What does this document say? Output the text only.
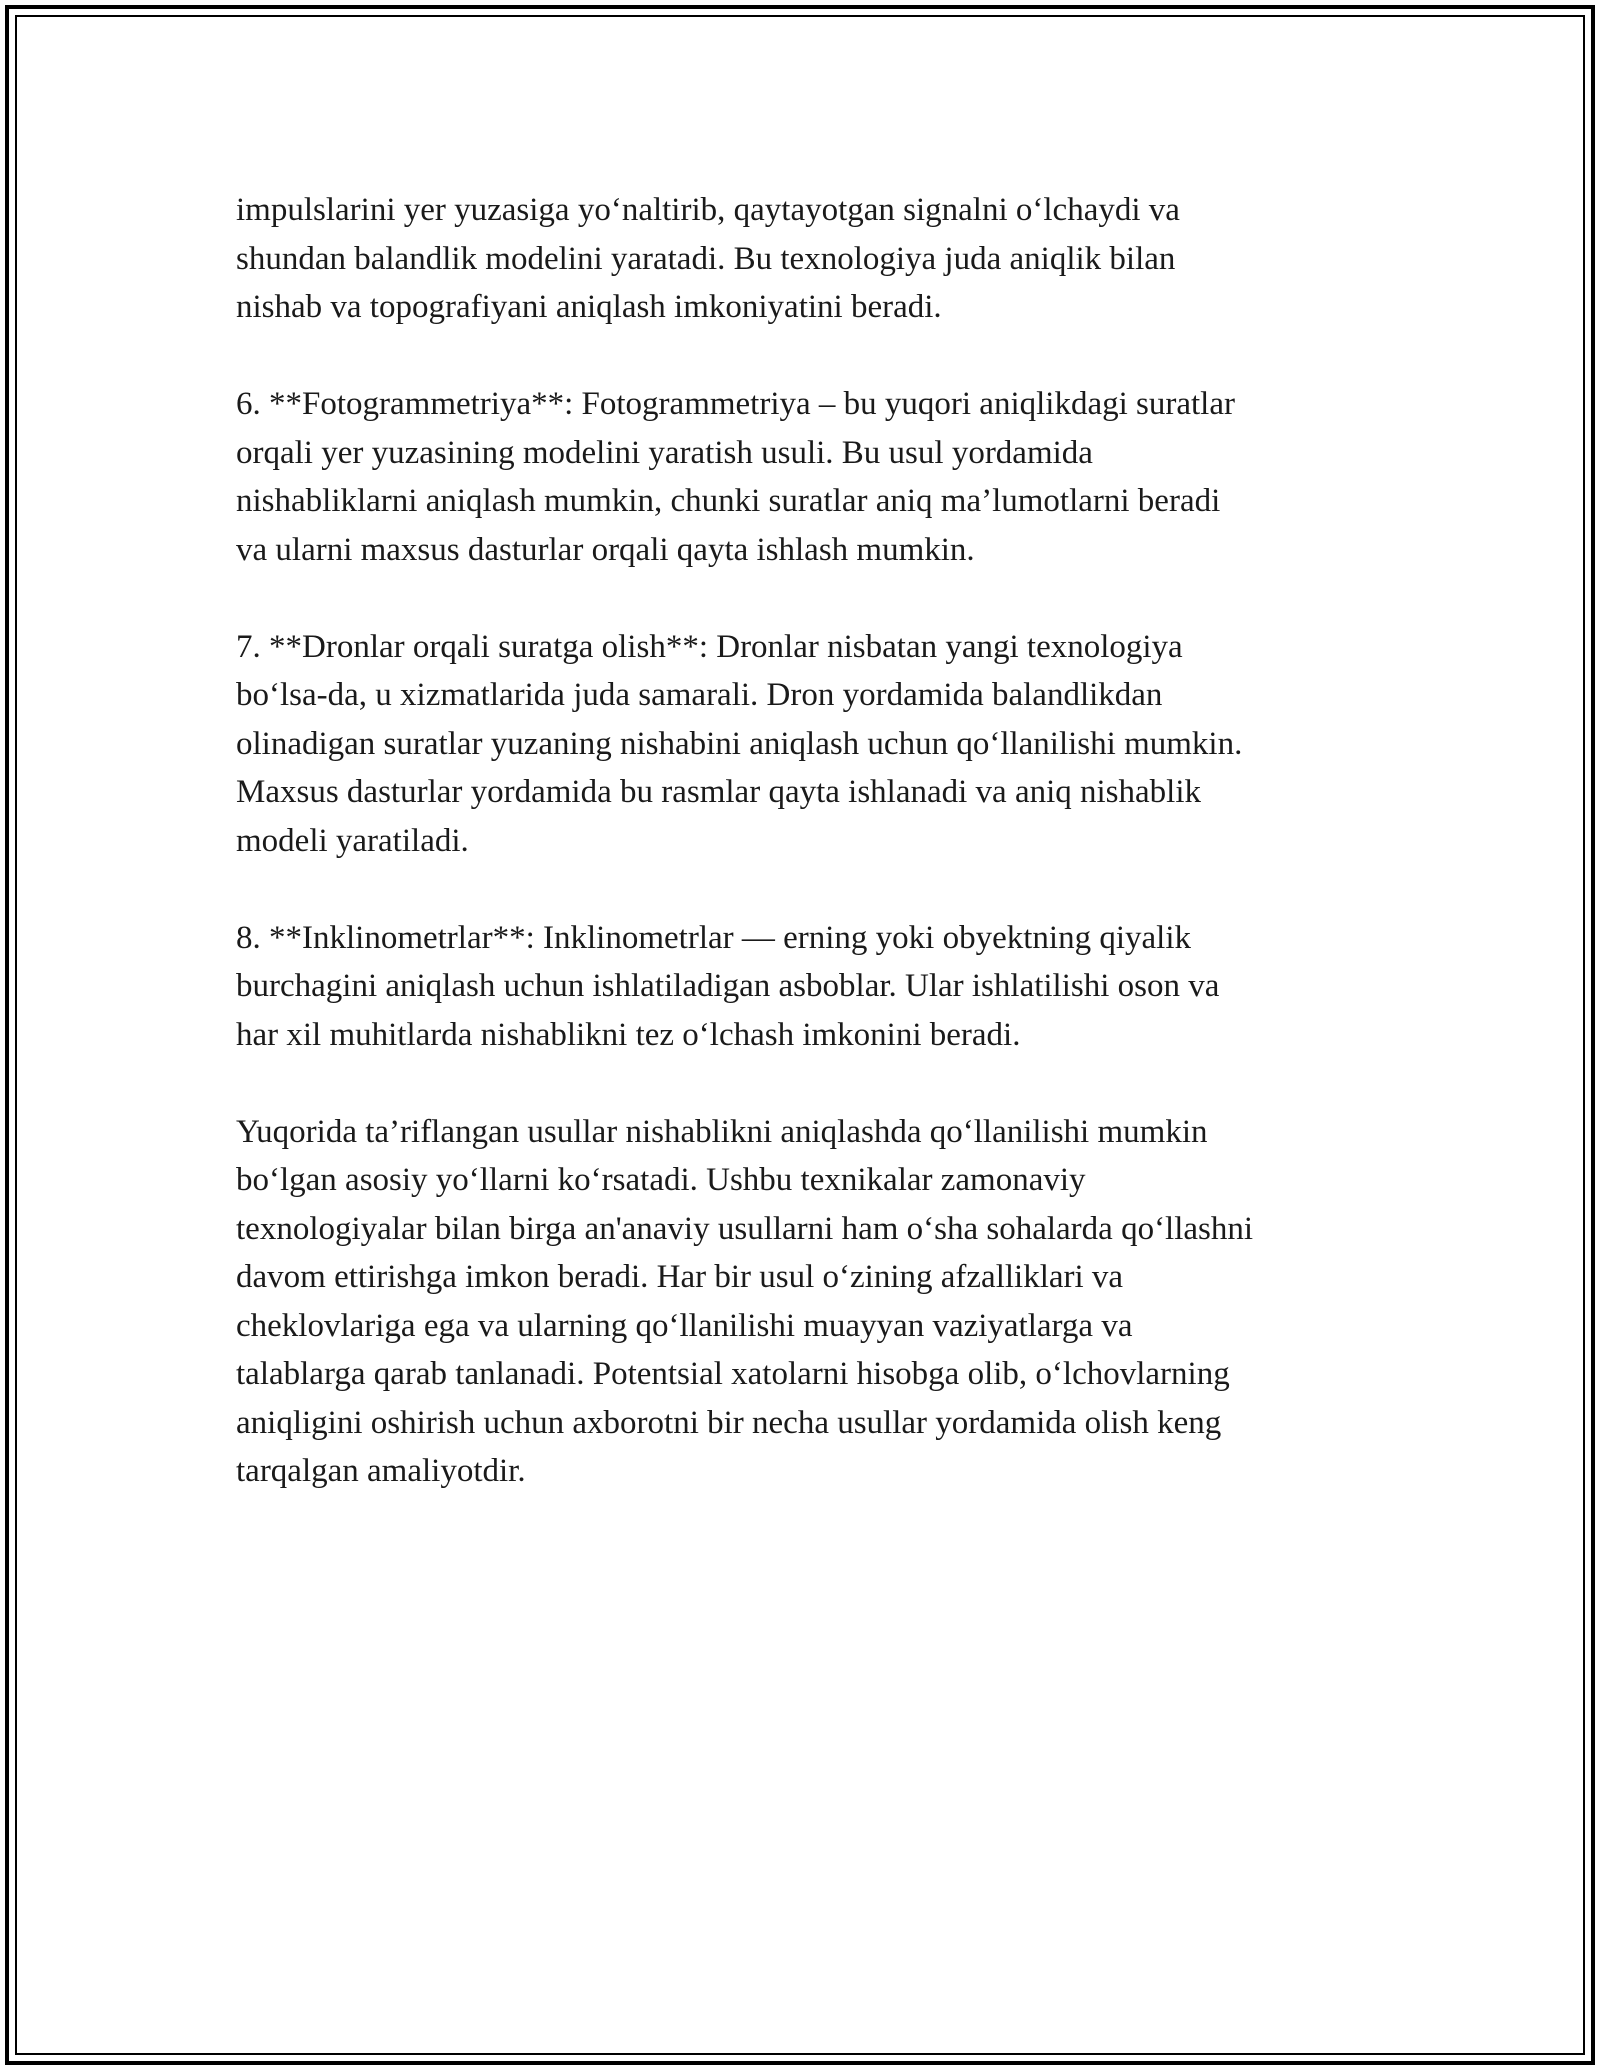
impulslarini yer yuzasiga yo‘naltirib, qaytayotgan signalni o‘lchaydi va
shundan balandlik modelini yaratadi. Bu texnologiya juda aniqlik bilan
nishab va topografiyani aniqlash imkoniyatini beradi.

6. **Fotogrammetriya**: Fotogrammetriya – bu yuqori aniqlikdagi suratlar
orqali yer yuzasining modelini yaratish usuli. Bu usul yordamida
nishabliklarni aniqlash mumkin, chunki suratlar aniq ma’lumotlarni beradi
va ularni maxsus dasturlar orqali qayta ishlash mumkin.

7. **Dronlar orqali suratga olish**: Dronlar nisbatan yangi texnologiya
bo‘lsa-da, u xizmatlarida juda samarali. Dron yordamida balandlikdan
olinadigan suratlar yuzaning nishabini aniqlash uchun qo‘llanilishi mumkin.
Maxsus dasturlar yordamida bu rasmlar qayta ishlanadi va aniq nishablik
modeli yaratiladi.

8. **Inklinometrlar**: Inklinometrlar — erning yoki obyektning qiyalik
burchagini aniqlash uchun ishlatiladigan asboblar. Ular ishlatilishi oson va
har xil muhitlarda nishablikni tez o‘lchash imkonini beradi.

Yuqorida ta’riflangan usullar nishablikni aniqlashda qo‘llanilishi mumkin
bo‘lgan asosiy yo‘llarni ko‘rsatadi. Ushbu texnikalar zamonaviy
texnologiyalar bilan birga an'anaviy usullarni ham o‘sha sohalarda qo‘llashni
davom ettirishga imkon beradi. Har bir usul o‘zining afzalliklari va
cheklovlariga ega va ularning qo‘llanilishi muayyan vaziyatlarga va
talablarga qarab tanlanadi. Potentsial xatolarni hisobga olib, o‘lchovlarning
aniqligini oshirish uchun axborotni bir necha usullar yordamida olish keng
tarqalgan amaliyotdir.
